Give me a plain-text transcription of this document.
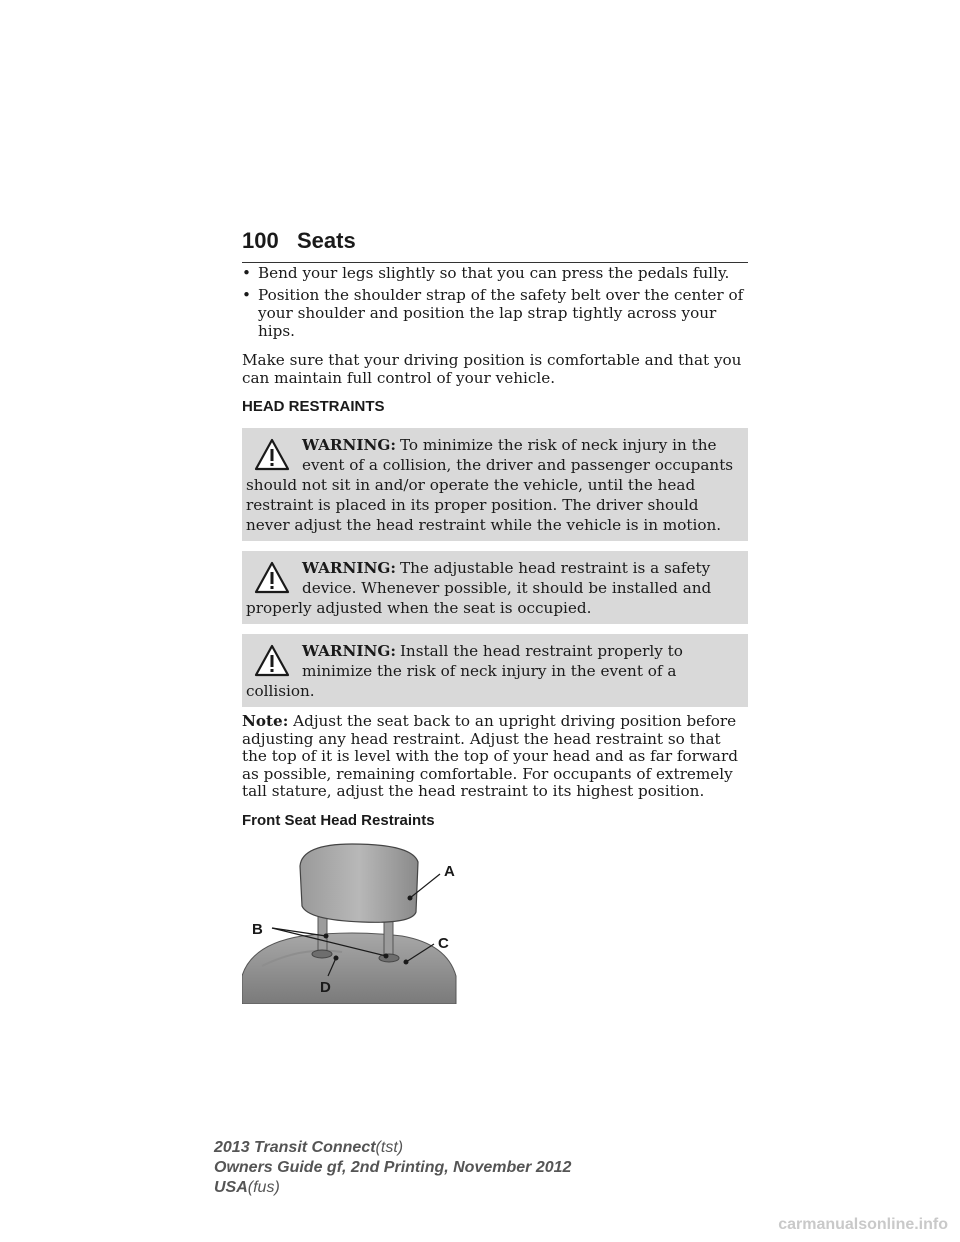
100 Seats
• Bend your legs slightly so that you can press the pedals fully.
• Position the shoulder strap of the safety belt over the center of your shoulder and position the lap strap tightly across your hips.

Make sure that your driving position is comfortable and that you can maintain full control of your vehicle.

HEAD RESTRAINTS
WARNING: To minimize the risk of neck injury in the event of a collision, the driver and passenger occupants should not sit in and/or operate the vehicle, until the head restraint is placed in its proper position. The driver should never adjust the head restraint while the vehicle is in motion.
WARNING: The adjustable head restraint is a safety device. Whenever possible, it should be installed and properly adjusted when the seat is occupied.
WARNING: Install the head restraint properly to minimize the risk of neck injury in the event of a collision.

Note: Adjust the seat back to an upright driving position before adjusting any head restraint. Adjust the head restraint so that the top of it is level with the top of your head and as far forward as possible, remaining comfortable. For occupants of extremely tall stature, adjust the head restraint to its highest position.

Front Seat Head Restraints
A
B
C
D
2013 Transit Connect(tst)
Owners Guide gf, 2nd Printing, November 2012
USA(fus)
carmanualsonline.info
